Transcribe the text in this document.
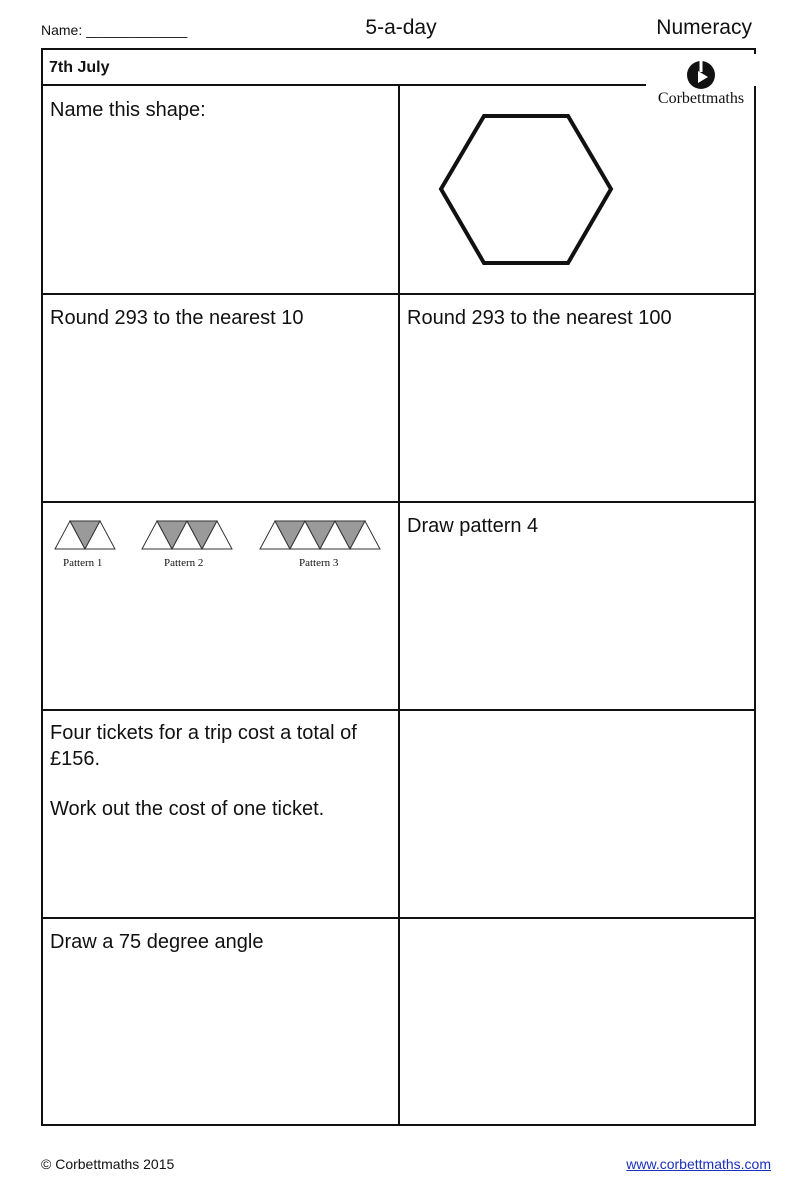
Name: _____________	5-a-day	Numeracy
7th July
Corbettmaths
Name this shape:
Round 293 to the nearest 10	Round 293 to the nearest 100
Pattern 1	Pattern 2	Pattern 3
Draw pattern 4

Four tickets for a trip cost a total of £156.

Work out the cost of one ticket.

Draw a 75 degree angle
© Corbettmaths 2015	www.corbettmaths.com
